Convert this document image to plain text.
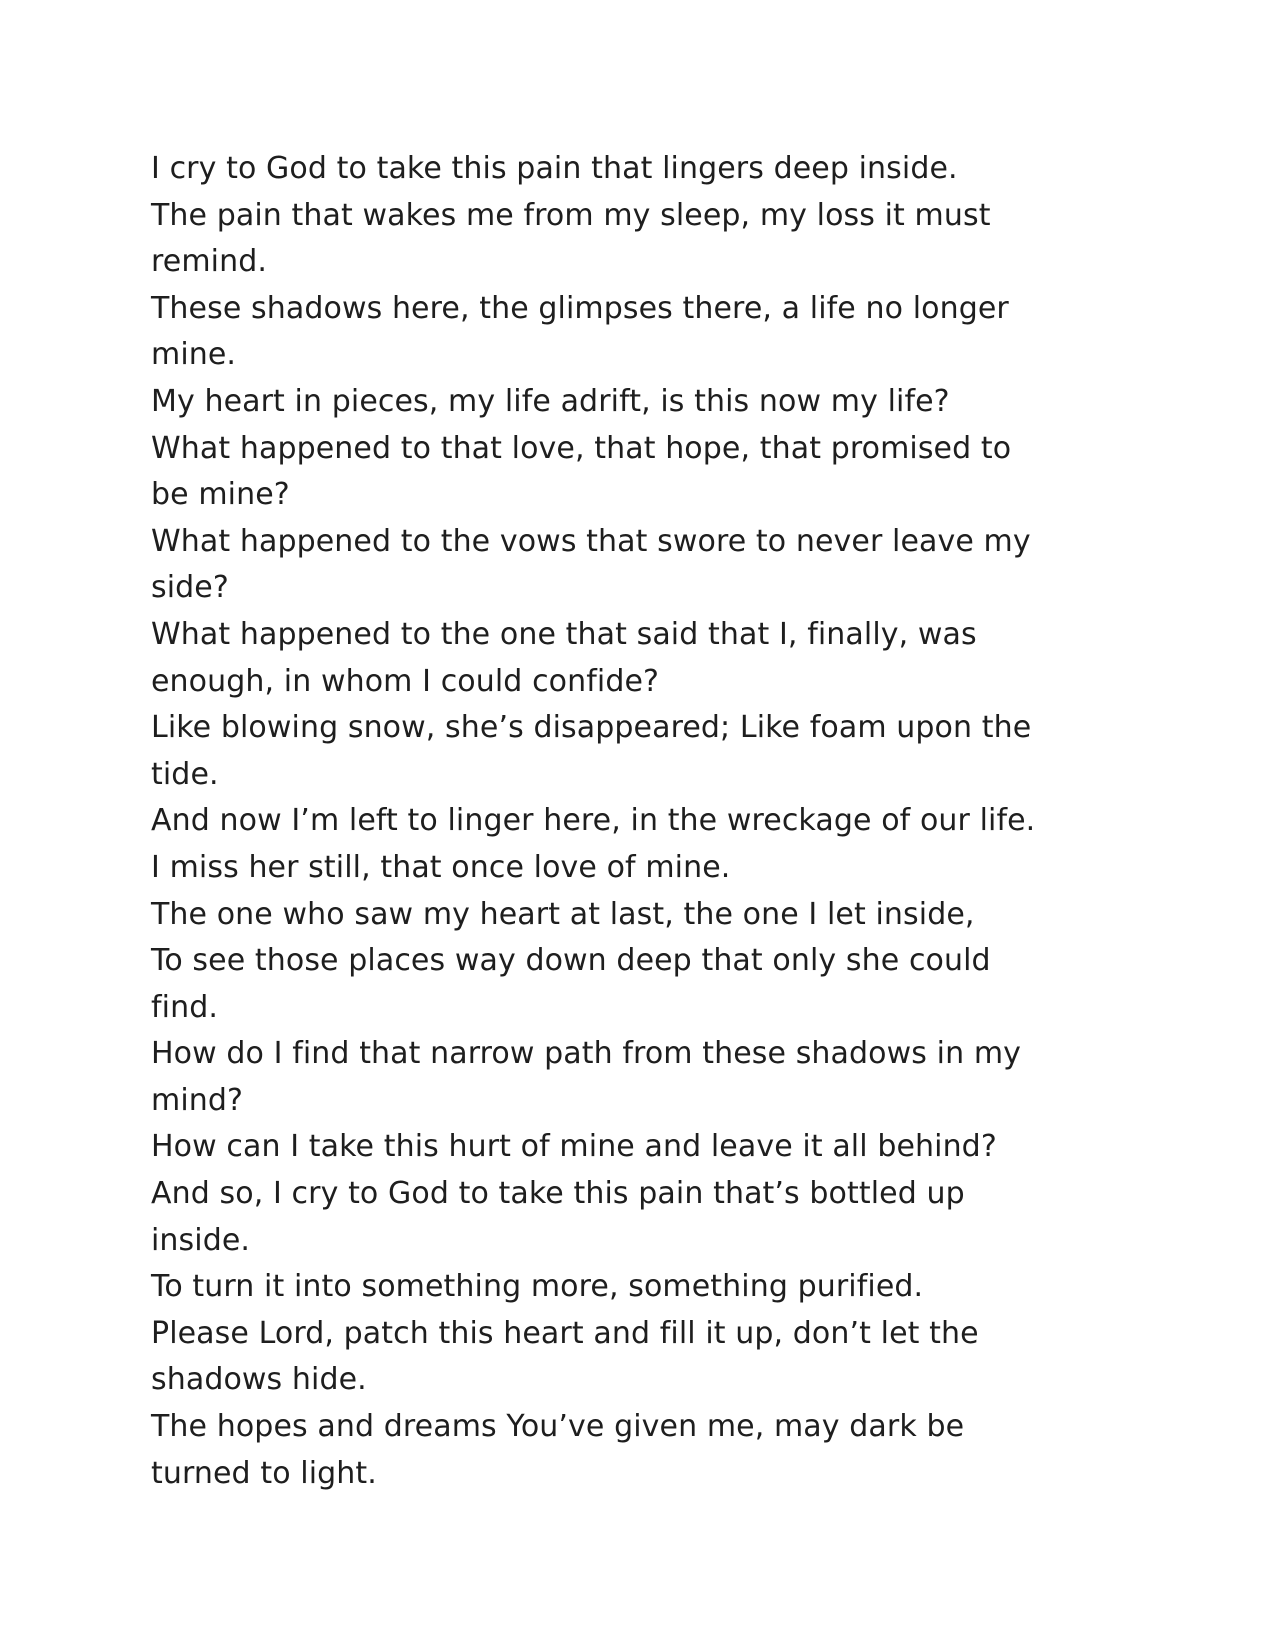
I cry to God to take this pain that lingers deep inside.
The pain that wakes me from my sleep, my loss it must
remind.
These shadows here, the glimpses there, a life no longer
mine.
My heart in pieces, my life adrift, is this now my life?
What happened to that love, that hope, that promised to
be mine?
What happened to the vows that swore to never leave my
side?
What happened to the one that said that I, finally, was
enough, in whom I could confide?
Like blowing snow, she’s disappeared; Like foam upon the
tide.
And now I’m left to linger here, in the wreckage of our life.
I miss her still, that once love of mine.
The one who saw my heart at last, the one I let inside,
To see those places way down deep that only she could
find.
How do I find that narrow path from these shadows in my
mind?
How can I take this hurt of mine and leave it all behind?
And so, I cry to God to take this pain that’s bottled up
inside.
To turn it into something more, something purified.
Please Lord, patch this heart and fill it up, don’t let the
shadows hide.
The hopes and dreams You’ve given me, may dark be
turned to light.
